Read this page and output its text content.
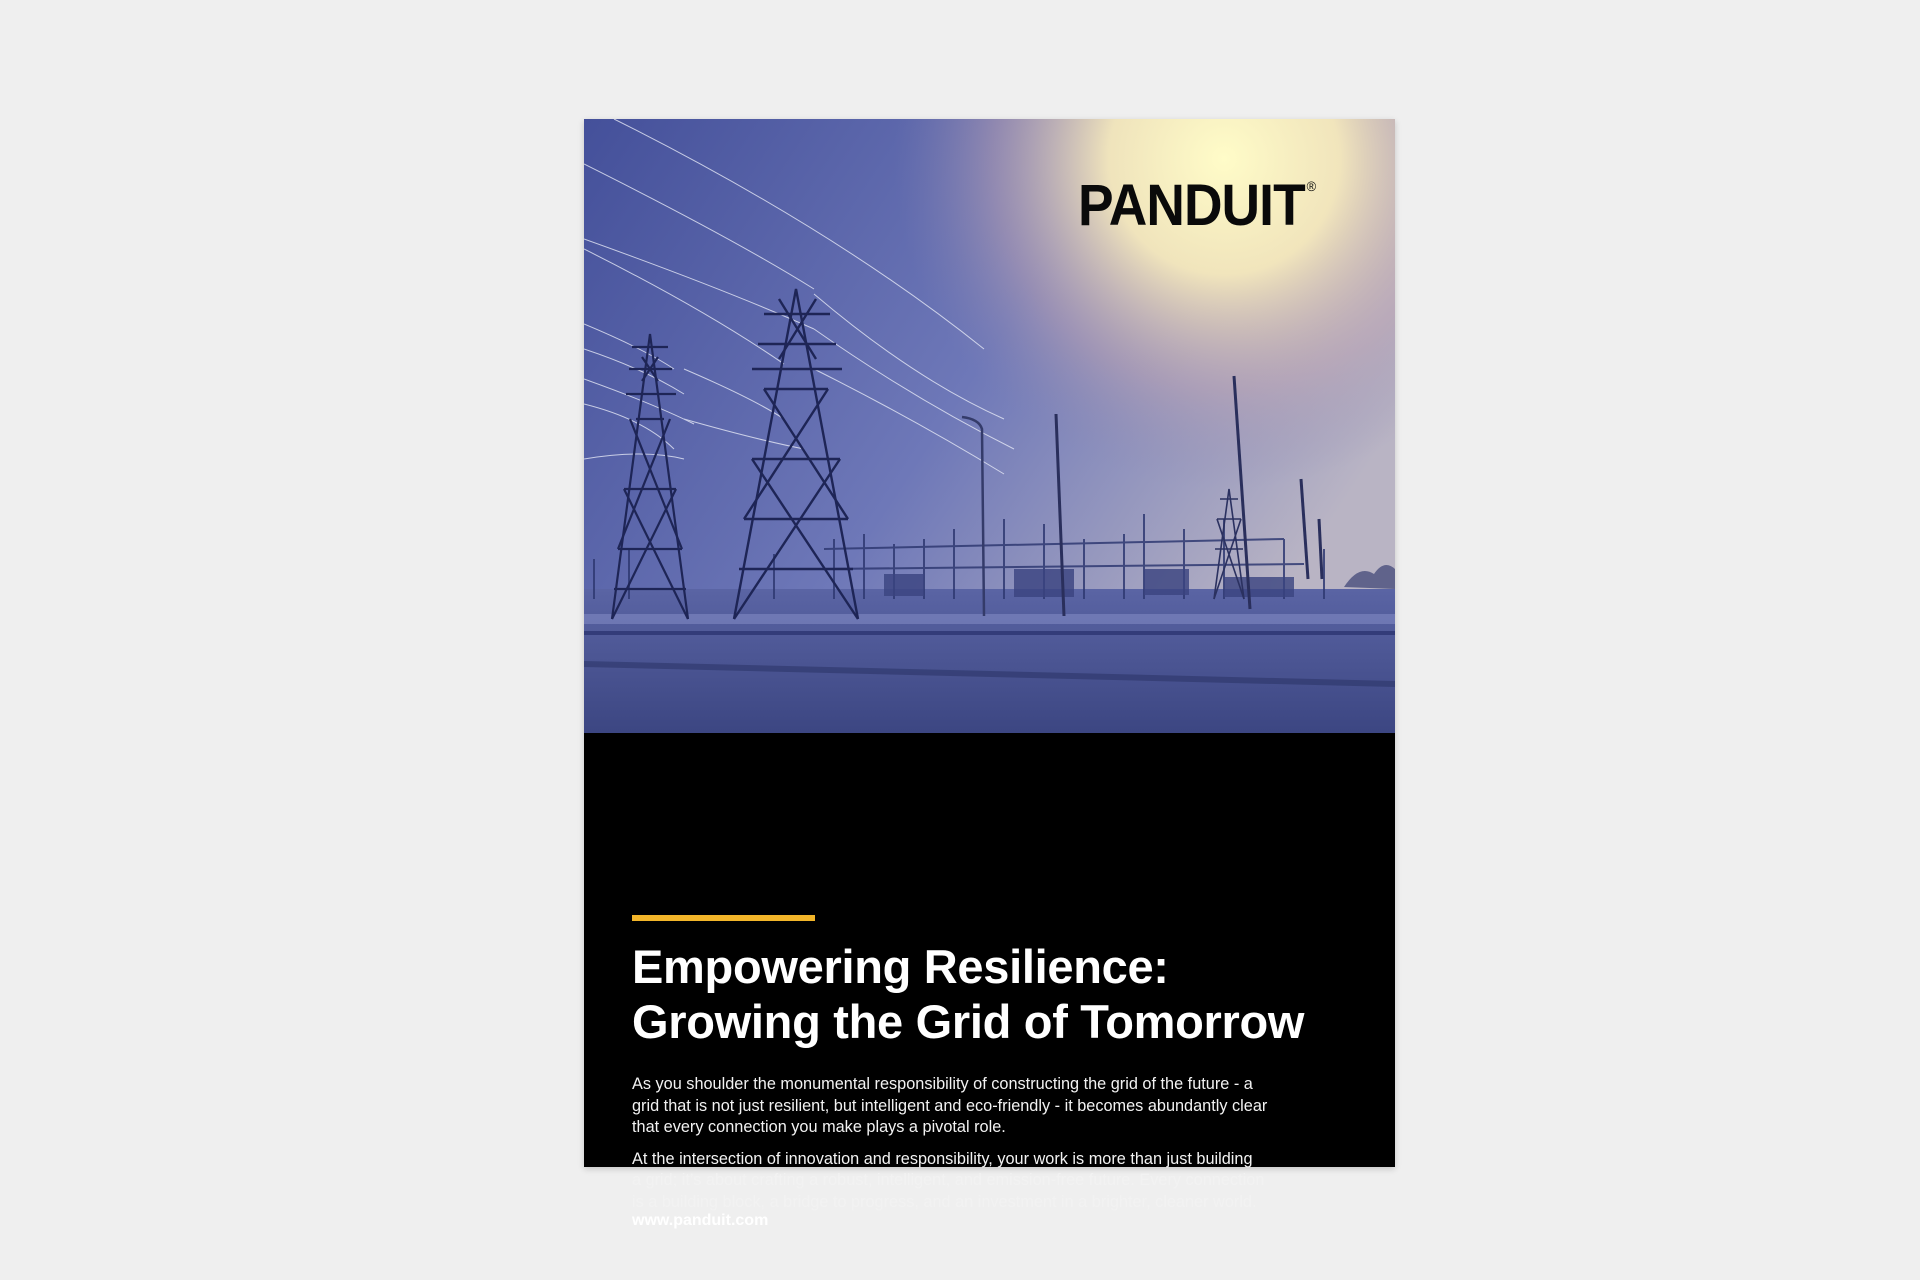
PANDUIT ®
Empowering Resilience:
Growing the Grid of Tomorrow

As you shoulder the monumental responsibility of constructing the grid of the future - a
grid that is not just resilient, but intelligent and eco-friendly - it becomes abundantly clear
that every connection you make plays a pivotal role.

At the intersection of innovation and responsibility, your work is more than just building
a grid; it’s about crafting a robust, intelligent, and emission-free future. Every connection
is a building block, a bridge to progress, and an investment in a brighter, cleaner world.

www.panduit.com
